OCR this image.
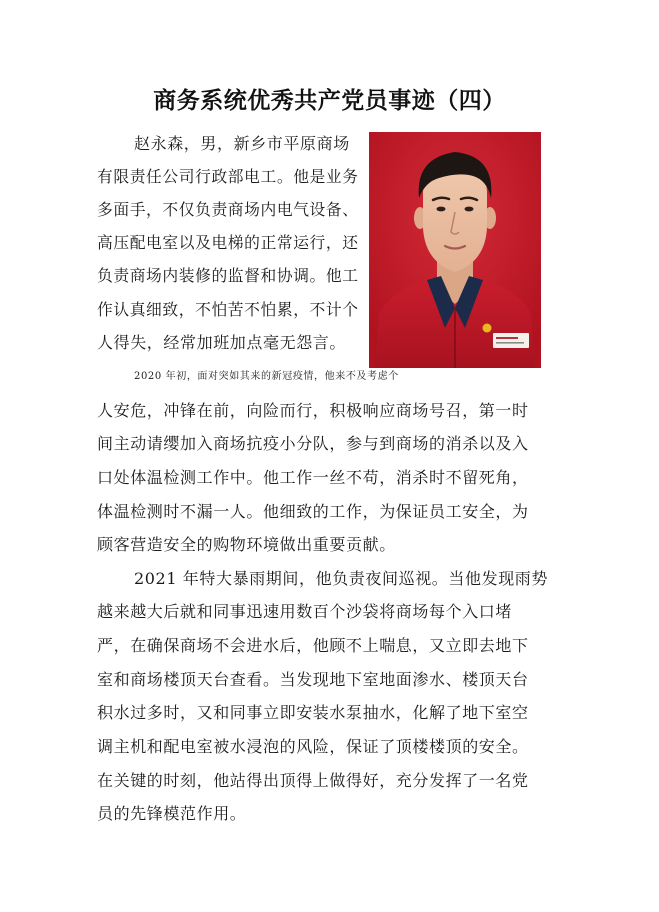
商务系统优秀共产党员事迹（四）
赵永森，男，新乡市平原商场
有限责任公司行政部电工。他是业务
多面手，不仅负责商场内电气设备、
高压配电室以及电梯的正常运行，还
负责商场内装修的监督和协调。他工
作认真细致，不怕苦不怕累，不计个
人得失，经常加班加点毫无怨言。
2020 年初，面对突如其来的新冠疫情，他来不及考虑个
人安危，冲锋在前，向险而行，积极响应商场号召，第一时
间主动请缨加入商场抗疫小分队，参与到商场的消杀以及入
口处体温检测工作中。他工作一丝不苟，消杀时不留死角，
体温检测时不漏一人。他细致的工作，为保证员工安全，为
顾客营造安全的购物环境做出重要贡献。
2021 年特大暴雨期间，他负责夜间巡视。当他发现雨势
越来越大后就和同事迅速用数百个沙袋将商场每个入口堵
严，在确保商场不会进水后，他顾不上喘息，又立即去地下
室和商场楼顶天台查看。当发现地下室地面渗水、楼顶天台
积水过多时，又和同事立即安装水泵抽水，化解了地下室空
调主机和配电室被水浸泡的风险，保证了顶楼楼顶的安全。
在关键的时刻，他站得出顶得上做得好，充分发挥了一名党
员的先锋模范作用。
